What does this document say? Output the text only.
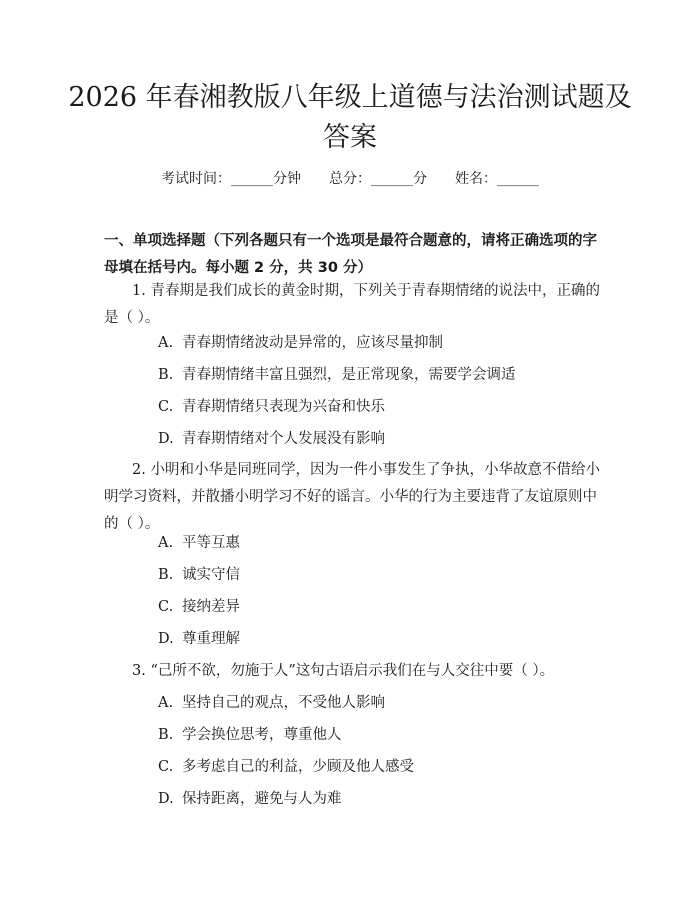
2026 年春湘教版八年级上道德与法治测试题及答案
考试时间：______分钟 总分：______分 姓名：______
一、单项选择题（下列各题只有一个选项是最符合题意的，请将正确选项的字母填在括号内。每小题 2 分，共 30 分）
1. 青春期是我们成长的黄金时期，下列关于青春期情绪的说法中，正确的是（ ）。
A. 青春期情绪波动是异常的，应该尽量抑制
B. 青春期情绪丰富且强烈，是正常现象，需要学会调适
C. 青春期情绪只表现为兴奋和快乐
D. 青春期情绪对个人发展没有影响
2. 小明和小华是同班同学，因为一件小事发生了争执，小华故意不借给小明学习资料，并散播小明学习不好的谣言。小华的行为主要违背了友谊原则中的（ ）。
A. 平等互惠
B. 诚实守信
C. 接纳差异
D. 尊重理解
3. “己所不欲，勿施于人”这句古语启示我们在与人交往中要（ ）。
A. 坚持自己的观点，不受他人影响
B. 学会换位思考，尊重他人
C. 多考虑自己的利益，少顾及他人感受
D. 保持距离，避免与人为难
